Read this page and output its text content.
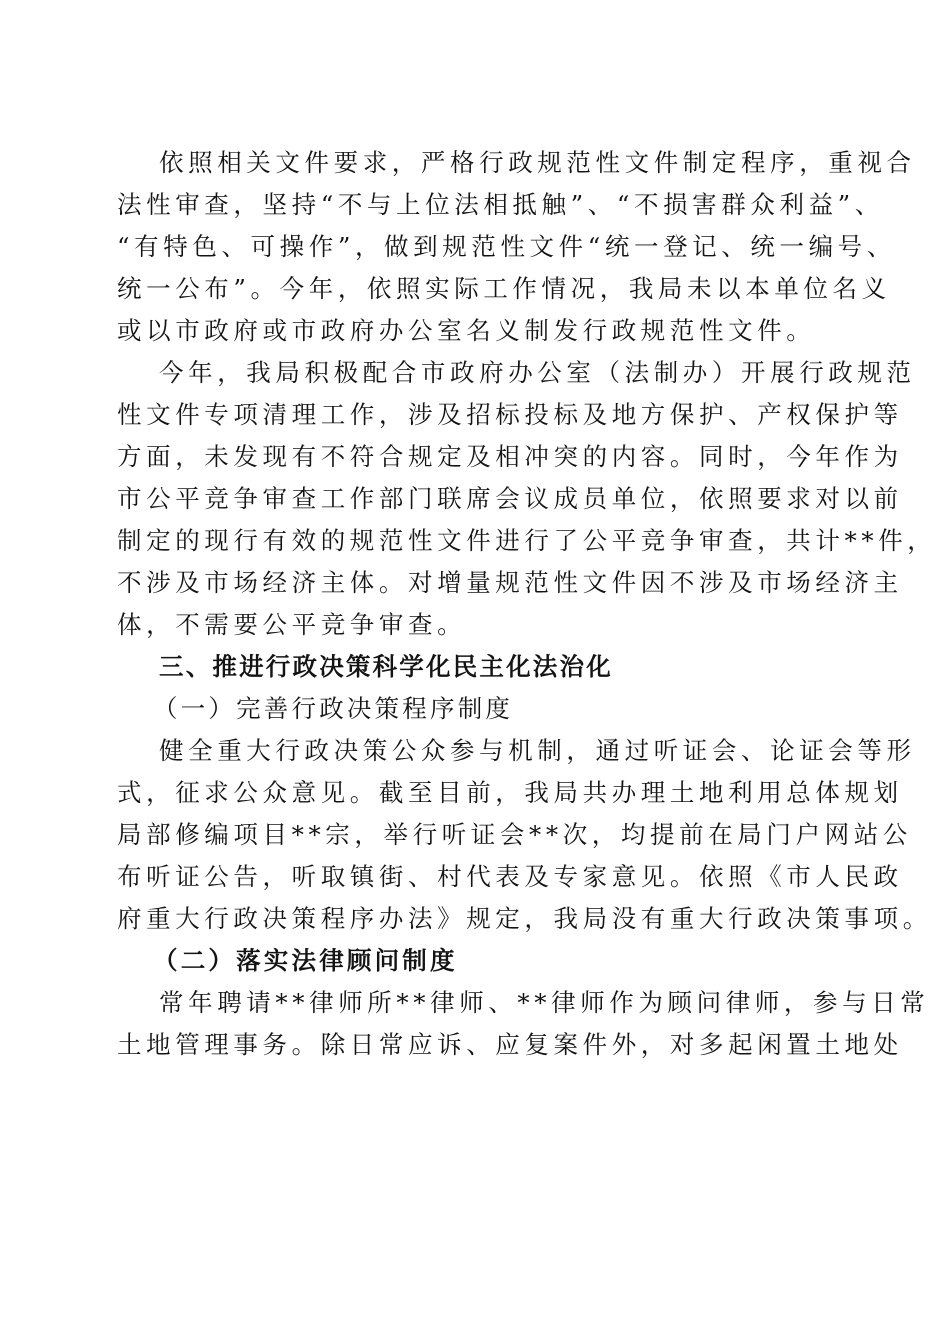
依照相关文件要求，严格行政规范性文件制定程序，重视合
法性审查，坚持“不与上位法相抵触”、“不损害群众利益”、
“有特色、可操作”，做到规范性文件“统一登记、统一编号、
统一公布”。今年，依照实际工作情况，我局未以本单位名义
或以市政府或市政府办公室名义制发行政规范性文件。
今年，我局积极配合市政府办公室（法制办）开展行政规范
性文件专项清理工作，涉及招标投标及地方保护、产权保护等
方面，未发现有不符合规定及相冲突的内容。同时，今年作为
市公平竞争审查工作部门联席会议成员单位，依照要求对以前
制定的现行有效的规范性文件进行了公平竞争审查，共计**件，
不涉及市场经济主体。对增量规范性文件因不涉及市场经济主
体，不需要公平竞争审查。
三、推进行政决策科学化民主化法治化
（一）完善行政决策程序制度
健全重大行政决策公众参与机制，通过听证会、论证会等形
式，征求公众意见。截至目前，我局共办理土地利用总体规划
局部修编项目**宗，举行听证会**次，均提前在局门户网站公
布听证公告，听取镇街、村代表及专家意见。依照《市人民政
府重大行政决策程序办法》规定，我局没有重大行政决策事项。
（二）落实法律顾问制度
常年聘请**律师所**律师、**律师作为顾问律师，参与日常
土地管理事务。除日常应诉、应复案件外，对多起闲置土地处
